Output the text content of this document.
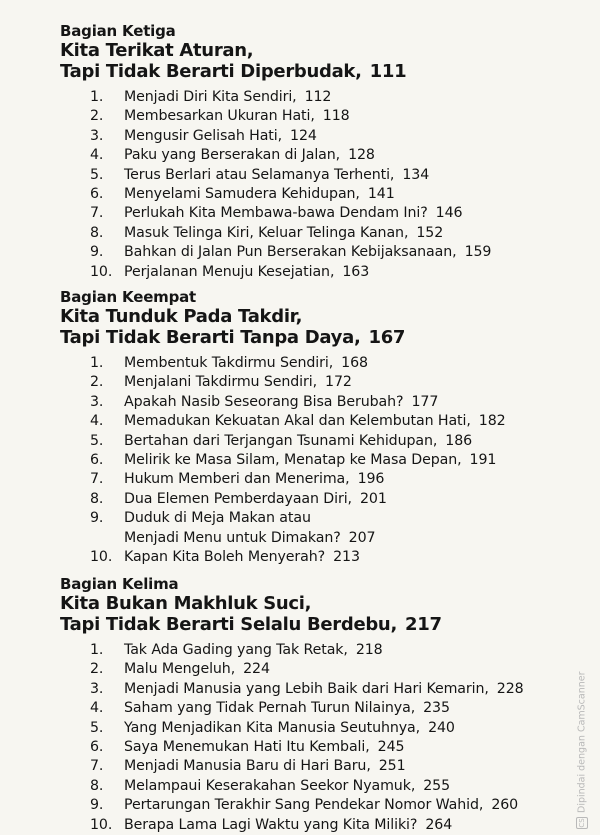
Bagian Ketiga
Kita Terikat Aturan,
Tapi Tidak Berarti Diperbudak, 111
1.	Menjadi Diri Kita Sendiri, 112
2.	Membesarkan Ukuran Hati, 118
3.	Mengusir Gelisah Hati, 124
4.	Paku yang Berserakan di Jalan, 128
5.	Terus Berlari atau Selamanya Terhenti, 134
6.	Menyelami Samudera Kehidupan, 141
7.	Perlukah Kita Membawa-bawa Dendam Ini? 146
8.	Masuk Telinga Kiri, Keluar Telinga Kanan, 152
9.	Bahkan di Jalan Pun Berserakan Kebijaksanaan, 159
10. Perjalanan Menuju Kesejatian, 163
Bagian Keempat
Kita Tunduk Pada Takdir,
Tapi Tidak Berarti Tanpa Daya, 167
1.	Membentuk Takdirmu Sendiri, 168
2.	Menjalani Takdirmu Sendiri, 172
3.	Apakah Nasib Seseorang Bisa Berubah? 177
4.	Memadukan Kekuatan Akal dan Kelembutan Hati, 182
5.	Bertahan dari Terjangan Tsunami Kehidupan, 186
6.	Melirik ke Masa Silam, Menatap ke Masa Depan, 191
7.	Hukum Memberi dan Menerima, 196
8.	Dua Elemen Pemberdayaan Diri, 201
9.	Duduk di Meja Makan atau
Menjadi Menu untuk Dimakan? 207
10. Kapan Kita Boleh Menyerah? 213
Bagian Kelima
Kita Bukan Makhluk Suci,
Tapi Tidak Berarti Selalu Berdebu, 217
1.	Tak Ada Gading yang Tak Retak, 218
2.	Malu Mengeluh, 224
3.	Menjadi Manusia yang Lebih Baik dari Hari Kemarin, 228
4.	Saham yang Tidak Pernah Turun Nilainya, 235
5.	Yang Menjadikan Kita Manusia Seutuhnya, 240
6.	Saya Menemukan Hati Itu Kembali, 245
7.	Menjadi Manusia Baru di Hari Baru, 251
8.	Melampaui Keserakahan Seekor Nyamuk, 255
9.	Pertarungan Terakhir Sang Pendekar Nomor Wahid, 260
10. Berapa Lama Lagi Waktu yang Kita Miliki? 264	CSDipindai dengan CamScanner
